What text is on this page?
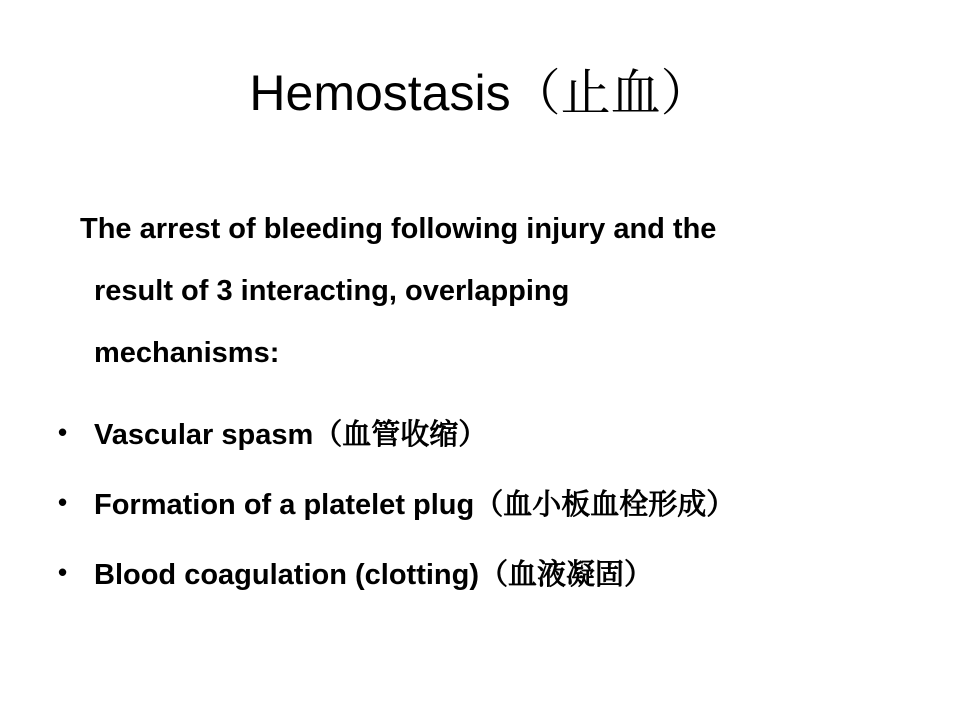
Hemostasis（止血）

The arrest of bleeding following injury and the
result of 3 interacting, overlapping
mechanisms:

• Vascular spasm（血管收缩）
• Formation of a platelet plug（血小板血栓形成）
• Blood coagulation (clotting)（血液凝固）
